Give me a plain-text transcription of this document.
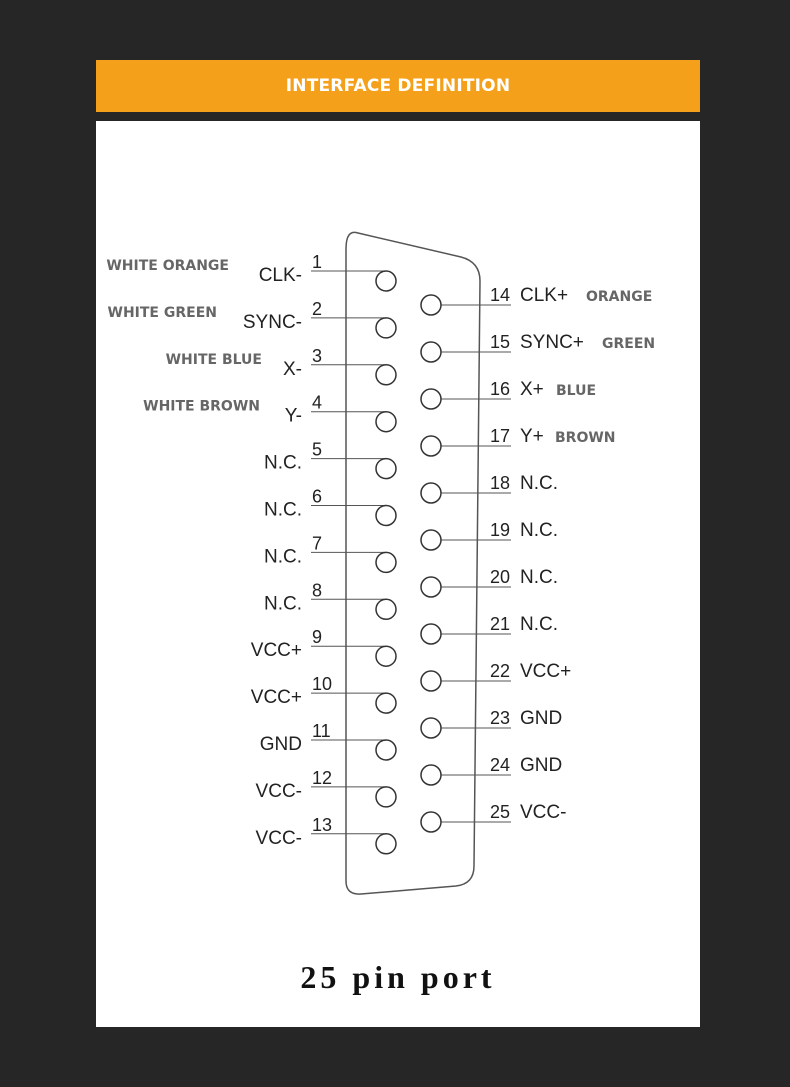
INTERFACE DEFINITION
1
CLK-
WHITE ORANGE
2
SYNC-
WHITE GREEN
3
X-
WHITE BLUE
4
Y-
WHITE BROWN
5
N.C.
6
N.C.
7
N.C.
8
N.C.
9
VCC+
10
VCC+
11
GND
12
VCC-
13
VCC-
14 CLK+ ORANGE
15 SYNC+ GREEN
16 X+ BLUE
17 Y+ BROWN
18 N.C.
19 N.C.
20 N.C.
21 N.C.
22 VCC+
23 GND
24 GND
25 VCC-
25 pin port
